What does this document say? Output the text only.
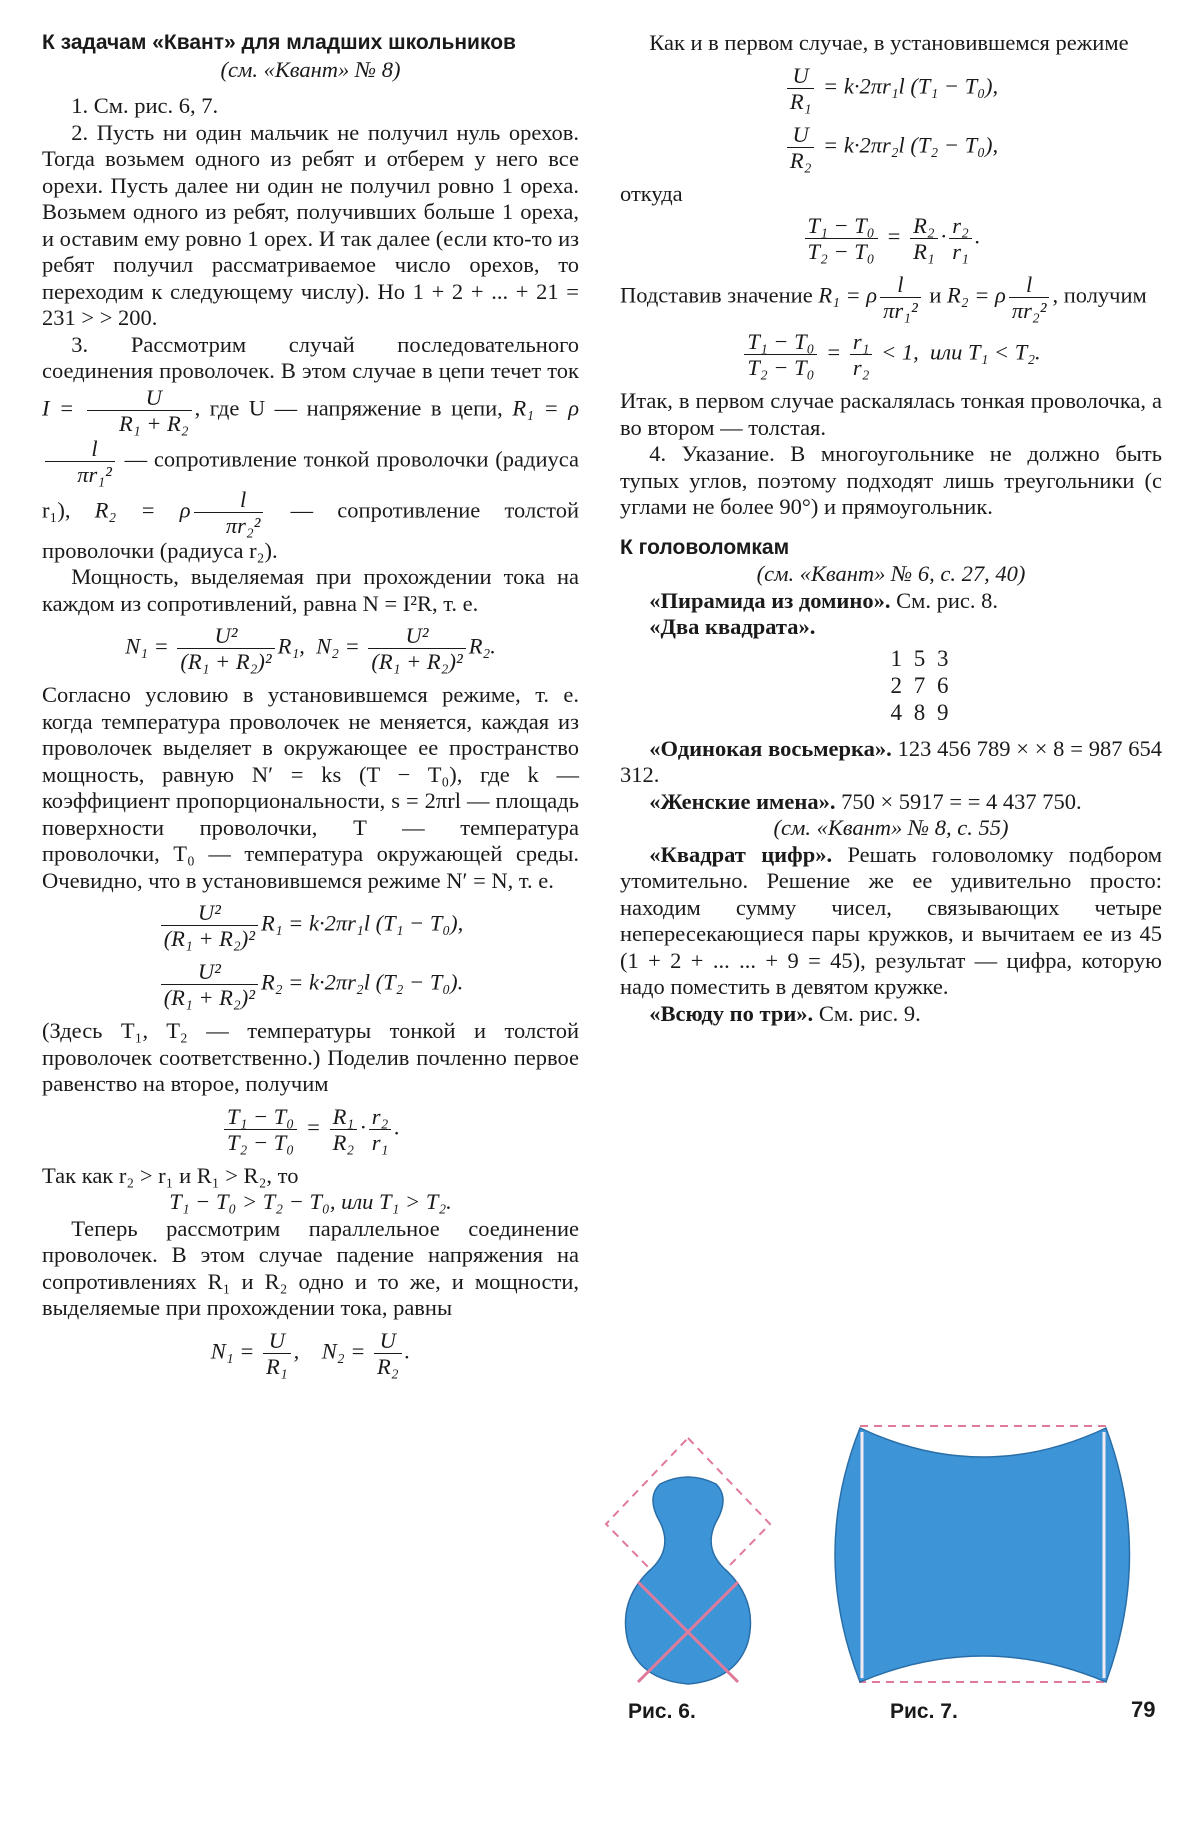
К задачам «Квант» для младших школьников

(см. «Квант» № 8)

1. См. рис. 6, 7.

2. Пусть ни один мальчик не получил нуль орехов. Тогда возьмем одного из ребят и отберем у него все орехи. Пусть далее ни один не получил ровно 1 ореха. Возьмем одного из ребят, получивших больше 1 ореха, и оставим ему ровно 1 орех. И так далее (если кто-то из ребят получил рассматриваемое число орехов, то переходим к следующему числу). Но 1 + 2 + ... + 21 = 231 > > 200.

3. Рассмотрим случай последовательного соединения проволочек. В этом случае в цепи течет ток $I = \frac{U}{\text{R₁ + R₂}}$ , где U — напряжение в цепи, R₁ = ρ
$\frac{l}{\text{πr₁²}}$ — сопротивление тонкой проволочки (радиуса r₁), R₂ = ρ $\frac{l}{\text{πr₂²}}$ — сопротивление толстой проволочки (радиуса r₂).

Мощность, выделяемая при прохождении тока на каждом из сопротивлений, равна N = I²R, т. е.

$N_1 = \frac{\text{U²}}{\text{(R₁ + R₂)²}} R_1$,  $N_2 = \frac{\text{U²}}{\text{(R₁ + R₂)²}} R_2$.

Согласно условию в установившемся режиме, т. е. когда температура проволочек не меняется, каждая из проволочек выделяет в окружающее ее пространство мощность, равную N′ = ks (T − T₀), где k — коэффициент пропорциональности, s = 2πrl — площадь поверхности проволочки, T — температура проволочки, T₀ — температура окружающей среды. Очевидно, что в установившемся режиме N′ = N, т. е.

$\frac{\text{U²}}{\text{(R₁ + R₂)²}} R_1 = k\cdot 2\pi r_1l$ (T₁ − T₀),
$\frac{\text{U²}}{\text{(R₁ + R₂)²}} R_2 = k\cdot 2\pi r_2l$ (T₂ − T₀).

(Здесь T₁, T₂ — температуры тонкой и толстой проволочек соответственно.) Поделив почленно первое равенство на второе, получим

$\frac{\text{T₁ − T₀}}{\text{T₂ − T₀}} = \frac{\text{R₁}}{\text{R₂}} \cdot \frac{\text{r₂}}{\text{r₁}}$ .

Так как r₂ > r₁ и R₁ > R₂, то

T₁ − T₀ > T₂ − T₀, или T₁ > T₂.

Теперь рассмотрим параллельное соединение проволочек. В этом случае падение напряжения на сопротивлениях R₁ и R₂ одно и то же, и мощности, выделяемые при прохождении тока, равны

$N_1 = \frac{U}{\text{R₁}}$ ,    $N_2 = \frac{U}{\text{R₂}}$ .

Как и в первом случае, в установившемся режиме

$\frac{U}{\text{R₁}} = k\cdot 2\pi r_1l$ (T₁ − T₀),
$\frac{U}{\text{R₂}} = k\cdot 2\pi r_2l$ (T₂ − T₀),

откуда

$\frac{\text{T₁ − T₀}}{\text{T₂ − T₀}} = \frac{\text{R₂}}{\text{R₁}} \cdot \frac{\text{r₂}}{\text{r₁}}$ .

Подставив значение R₁ = ρ $\frac{l}{\text{πr₁²}}$ и R₂ = ρ $\frac{l}{\text{πr₂²}}$ , получим

$\frac{\text{T₁ − T₀}}{\text{T₂ − T₀}} = \frac{\text{r₁}}{\text{r₂}} < 1$,  или T₁ < T₂.

Итак, в первом случае раскалялась тонкая проволочка, а во втором — толстая.

4. Указание. В многоугольнике не должно быть тупых углов, поэтому подходят лишь треугольники (с углами не более 90°) и прямоугольник.

К головоломкам

(см. «Квант» № 6, с. 27, 40)

«Пирамида из домино». См. рис. 8.

«Два квадрата».

1 5 3
2 7 6
4 8 9

«Одинокая восьмерка». 123 456 789 × × 8 = 987 654 312.

«Женские имена». 750 × 5917 = = 4 437 750.

(см. «Квант» № 8, с. 55)

«Квадрат цифр». Решать головоломку подбором утомительно. Решение же ее удивительно просто: находим сумму чисел, связывающих четыре непересекающиеся пары кружков, и вычитаем ее из 45 (1 + 2 + ... ... + 9 = 45), результат — цифра, которую надо поместить в девятом кружке.

«Всюду по три». См. рис. 9.

Рис. 6.	Рис. 7.	79
